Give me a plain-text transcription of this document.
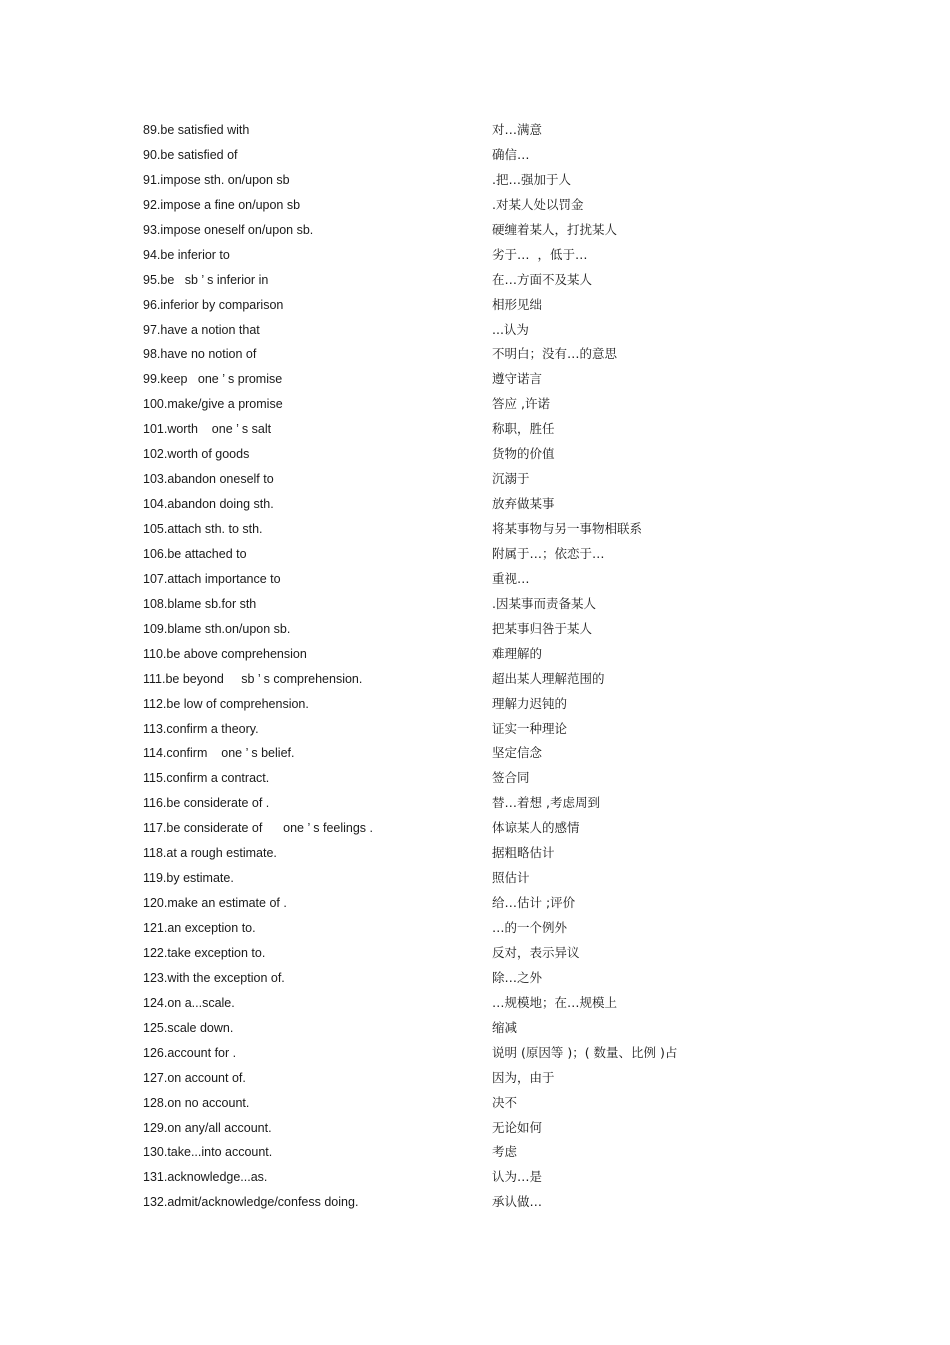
89.be satisfied with	对…满意
90.be satisfied of	确信…
91.impose sth. on/upon sb	.把…强加于人
92.impose a fine on/upon sb	.对某人处以罚金
93.impose oneself on/upon sb.	硬缠着某人，打扰某人
94.be inferior to	劣于…  ，低于…
95.be   sb ’ s inferior in	在…方面不及某人
96.inferior by comparison	相形见绌
97.have a notion that	...认为
98.have no notion of	不明白；没有…的意思
99.keep   one ’ s promise	遵守诺言
100.make/give a promise	答应 ,许诺
101.worth    one ’ s salt	称职，胜任
102.worth of goods	货物的价值
103.abandon oneself to	沉溺于
104.abandon doing sth.	放弃做某事
105.attach sth. to sth.	将某事物与另一事物相联系
106.be attached to	附属于…；依恋于…
107.attach importance to	重视…
108.blame sb.for sth	.因某事而责备某人
109.blame sth.on/upon sb.	把某事归咎于某人
110.be above comprehension	难理解的
111.be beyond     sb ’ s comprehension.	超出某人理解范围的
112.be low of comprehension.	理解力迟钝的
113.confirm a theory.	证实一种理论
114.confirm    one ’ s belief.	坚定信念
115.confirm a contract.	签合同
116.be considerate of .	替…着想 ,考虑周到
117.be considerate of      one ’ s feelings .	体谅某人的感情
118.at a rough estimate.	据粗略估计
119.by estimate.	照估计
120.make an estimate of .	给…估计 ;评价
121.an exception to.	…的一个例外
122.take exception to.	反对，表示异议
123.with the exception of.	除…之外
124.on a...scale.	…规模地；在…规模上
125.scale down.	缩减
126.account for .	说明 (原因等 )；( 数量、比例 )占
127.on account of.	因为，由于
128.on no account.	决不
129.on any/all account.	无论如何
130.take...into account.	考虑
131.acknowledge...as.	认为…是
132.admit/acknowledge/confess doing.	承认做…
